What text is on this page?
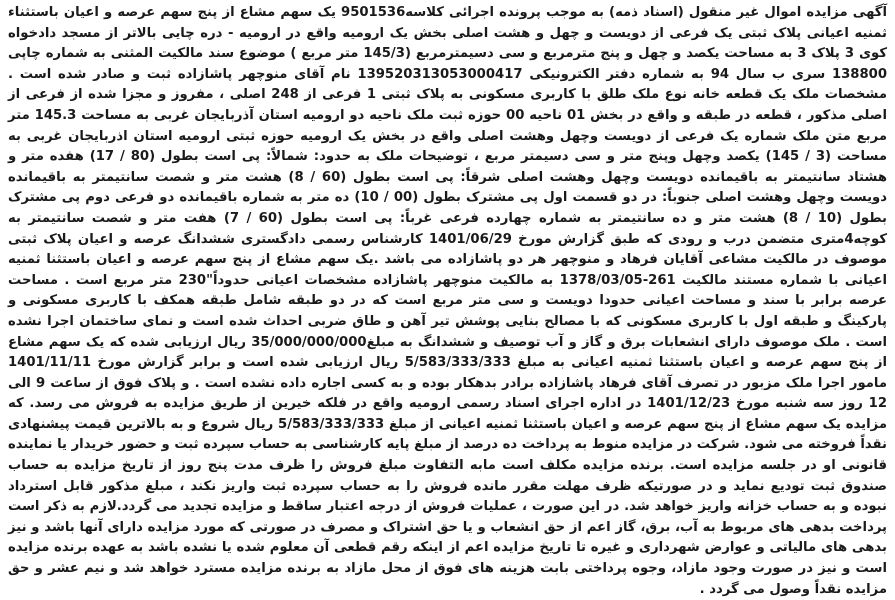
آگهی مزایده اموال غیر منقول (اسناد ذمه) به موجب پرونده اجرائی کلاسه9501536 یک سهم مشاع از پنج سهم عرصه و اعیان باستثناء ثمنیه اعیانی پلاک ثبتی یک فرعی از دویست و چهل و هشت اصلی بخش یک ارومیه واقع در ارومیه - دره چایی بالاتر از مسجد دادخواه کوی 3 پلاک 3 به مساحت یکصد و چهل و پنج مترمربع و سی دسیمترمربع (145/3 متر مربع ) موضوع سند مالکیت المثنی به شماره چاپی 138800 سری ب سال 94 به شماره دفتر الکترونیکی 139520313053000417 نام آقای منوچهر پاشازاده ثبت و صادر شده است . مشخصات ملک یک قطعه خانه نوع ملک طلق با کاربری مسکونی به پلاک ثبتی 1 فرعی از 248 اصلی ، مفروز و مجزا شده از فرعی از اصلی مذکور ، قطعه در طبقه و واقع در بخش 01 ناحیه 00 حوزه ثبت ملک ناحیه دو ارومیه استان آذربایجان غربی به مساحت 145.3 متر مربع متن ملک شماره یک فرعی از دویست وچهل وهشت اصلی واقع در بخش یک ارومیه حوزه ثبتی ارومیه استان اذربایجان غربی به مساحت (3 / 145) یکصد وچهل وپنج متر و سی دسیمتر مربع ، توضیحات ملک به حدود: شمالاً: پی است بطول (80 / 17) هفده متر و هشتاد سانتیمتر به باقیمانده دویست وچهل وهشت اصلی شرقاً: پی است بطول (60 / 8) هشت متر و شصت سانتیمتر به باقیمانده دویست وچهل وهشت اصلی جنوباً: در دو قسمت اول پی مشترک بطول (00 / 10) ده متر به شماره باقیمانده دو فرعی دوم پی مشترک بطول (10 / 8) هشت متر و ده سانتیمتر به شماره چهارده فرعی غرباً: پی است بطول (60 / 7) هفت متر و شصت سانتیمتر به کوچه4متری متضمن درب و رودی که طبق گزارش مورخ 1401/06/29 کارشناس رسمی دادگستری ششدانگ عرصه و اعیان پلاک ثبتی موصوف در مالکیت مشاعی آقایان فرهاد و منوچهر هر دو پاشازاده می باشد .یک سهم مشاع از پنج سهم عرصه و اعیان باستثنا ثمنیه اعیانی با شماره مستند مالکیت 261-1378/03/05 به مالکیت منوچهر پاشازاده مشخصات اعیانی حدوداً"230 متر مربع است . مساحت عرصه برابر با سند و مساحت اعیانی حدودا دویست و سی متر مربع است که در دو طبقه شامل طبقه همکف با کاربری مسکونی و پارکینگ و طبقه اول با کاربری مسکونی که با مصالح بنایی پوشش تیر آهن و طاق ضربی احداث شده است و نمای ساختمان اجرا نشده است . ملک موصوف دارای انشعابات برق و گاز و آب توصیف و ششدانگ به مبلغ35/000/000/000 ریال ارزیابی شده که یک سهم مشاع از پنج سهم عرصه و اعیان باستثنا ثمنیه اعیانی به مبلغ 5/583/333/333 ریال ارزیابی شده است و برابر گزارش مورخ 1401/11/11 مامور اجرا ملک مزبور در تصرف آقای فرهاد پاشازاده برادر بدهکار بوده و به کسی اجاره داده نشده است . و پلاک فوق از ساعت 9 الی 12 روز سه شنبه مورخ 1401/12/23 در اداره اجرای اسناد رسمی ارومیه واقع در فلکه خیرین از طریق مزایده به فروش می رسد. که مزایده یک سهم مشاع از پنج سهم عرصه و اعیان باستثنا ثمنیه اعیانی از مبلغ 5/583/333/333 ریال شروع و به بالاترین قیمت پیشنهادی نقداً فروخته می شود. شرکت در مزایده منوط به پرداخت ده درصد از مبلغ پایه کارشناسی به حساب سپرده ثبت و حضور خریدار یا نماینده قانونی او در جلسه مزایده است. برنده مزایده مکلف است مابه التفاوت مبلغ فروش را ظرف مدت پنج روز از تاریخ مزایده به حساب صندوق ثبت تودیع نماید و در صورتیکه ظرف مهلت مقرر مانده فروش را به حساب سپرده ثبت واریز نکند ، مبلغ مذکور قابل استرداد نبوده و به حساب خزانه واریز خواهد شد. در این صورت ، عملیات فروش از درجه اعتبار ساقط و مزایده تجدید می گردد.لازم به ذکر است پرداخت بدهی های مربوط به آب، برق، گاز اعم از حق انشعاب و یا حق اشتراک و مصرف در صورتی که مورد مزایده دارای آنها باشد و نیز بدهی های مالیاتی و عوارض شهرداری و غیره تا تاریخ مزایده اعم از اینکه رقم قطعی آن معلوم شده یا نشده باشد به عهده برنده مزایده است و نیز در صورت وجود مازاد، وجوه پرداختی بابت هزینه های فوق از محل مازاد به برنده مزایده مسترد خواهد شد و نیم عشر و حق مزایده نقداً وصول می گردد .
